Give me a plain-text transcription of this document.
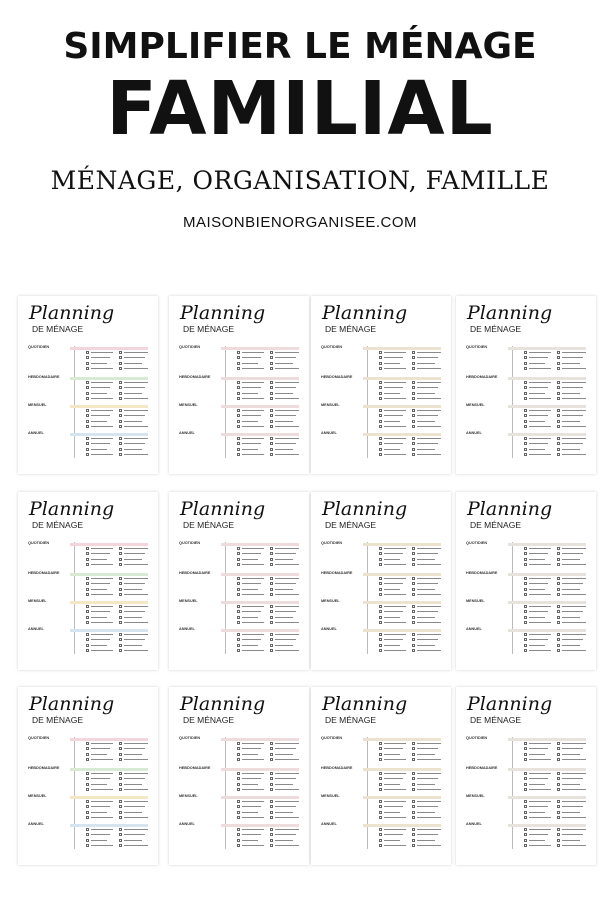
SIMPLIFIER LE MÉNAGE
FAMILIAL
MÉNAGE, ORGANISATION, FAMILLE
MAISONBIENORGANISEE.COM
Planning
DE MÉNAGE
QUOTIDIEN
HEBDOMADAIRE
MENSUEL
ANNUEL
Planning
DE MÉNAGE
QUOTIDIEN
HEBDOMADAIRE
MENSUEL
ANNUEL
Planning
DE MÉNAGE
QUOTIDIEN
HEBDOMADAIRE
MENSUEL
ANNUEL
Planning
DE MÉNAGE
QUOTIDIEN
HEBDOMADAIRE
MENSUEL
ANNUEL
Planning
DE MÉNAGE
QUOTIDIEN
HEBDOMADAIRE
MENSUEL
ANNUEL
Planning
DE MÉNAGE
QUOTIDIEN
HEBDOMADAIRE
MENSUEL
ANNUEL
Planning
DE MÉNAGE
QUOTIDIEN
HEBDOMADAIRE
MENSUEL
ANNUEL
Planning
DE MÉNAGE
QUOTIDIEN
HEBDOMADAIRE
MENSUEL
ANNUEL
Planning
DE MÉNAGE
QUOTIDIEN
HEBDOMADAIRE
MENSUEL
ANNUEL
Planning
DE MÉNAGE
QUOTIDIEN
HEBDOMADAIRE
MENSUEL
ANNUEL
Planning
DE MÉNAGE
QUOTIDIEN
HEBDOMADAIRE
MENSUEL
ANNUEL
Planning
DE MÉNAGE
QUOTIDIEN
HEBDOMADAIRE
MENSUEL
ANNUEL
